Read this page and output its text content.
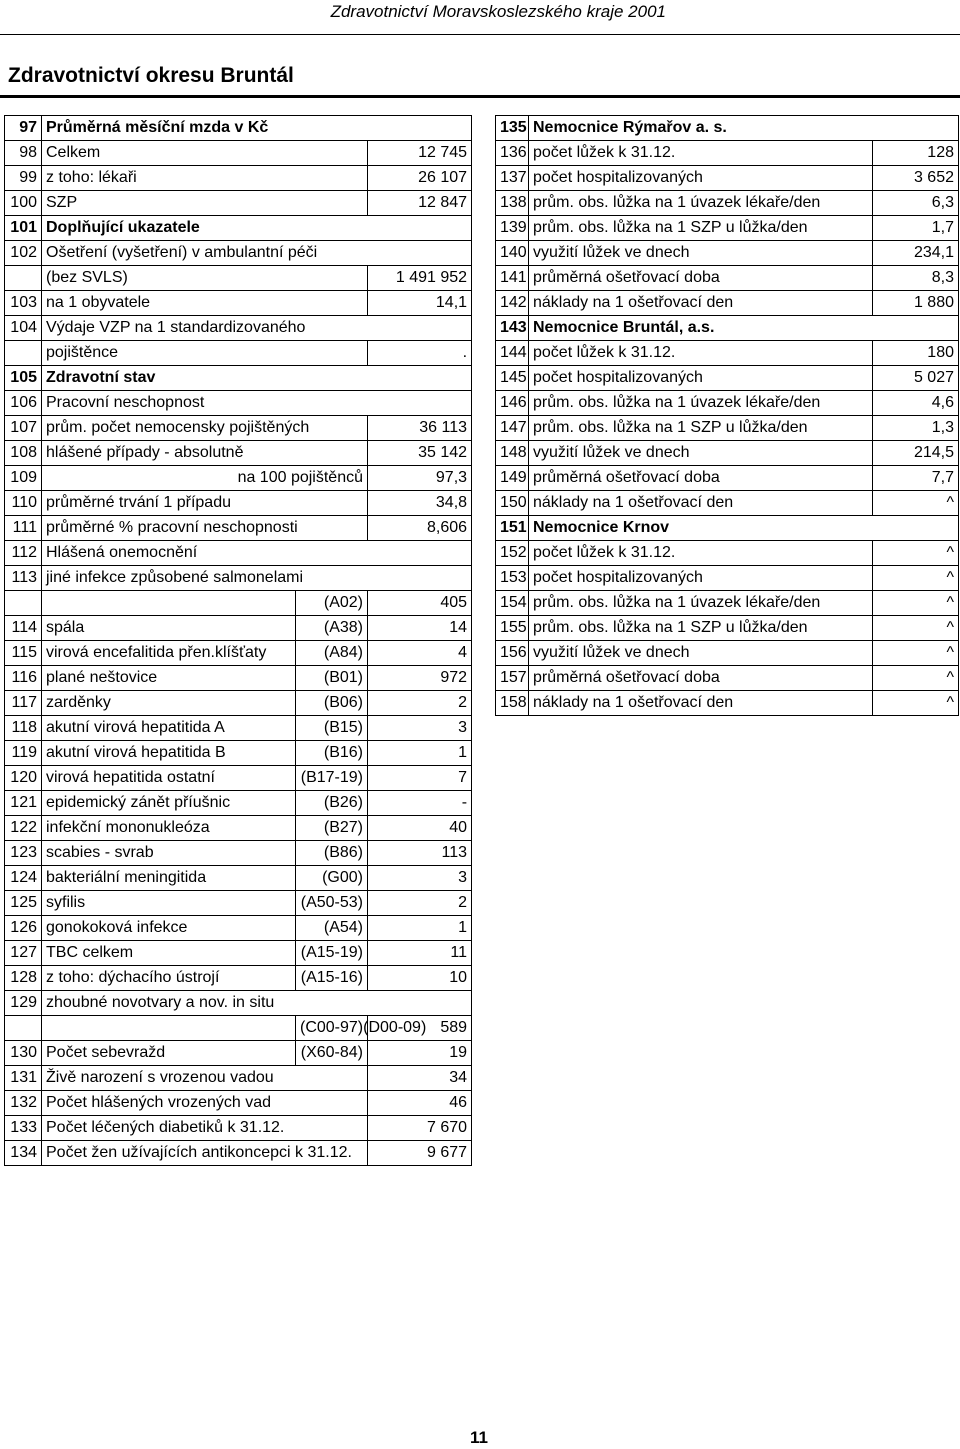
Zdravotnictví Moravskoslezského kraje 2001
Zdravotnictví okresu Bruntál
97	Průměrná měsíční mzda v Kč		
98	Celkem		12 745
99	z toho: lékaři		26 107
100	SZP		12 847
101	Doplňující ukazatele		
102	Ošetření (vyšetření) v ambulantní péči		
	(bez SVLS)		1 491 952
103	na 1 obyvatele		14,1
104	Výdaje VZP na 1 standardizovaného		
	pojištěnce		.
105	Zdravotní stav		
106	Pracovní neschopnost		
107	prům. počet nemocensky pojištěných		36 113
108	hlášené případy - absolutně		35 142
109	na 100 pojištěnců		97,3
110	průměrné trvání 1 případu		34,8
111	průměrné % pracovní neschopnosti		8,606
112	Hlášená onemocnění		
113	jiné infekce způsobené salmonelami		
		(A02)	405
114	spála	(A38)	14
115	virová encefalitida přen.klíšťaty	(A84)	4
116	plané neštovice	(B01)	972
117	zarděnky	(B06)	2
118	akutní virová hepatitida A	(B15)	3
119	akutní virová hepatitida B	(B16)	1
120	virová hepatitida ostatní	(B17-19)	7
121	epidemický zánět příušnic	(B26)	-
122	infekční mononukleóza	(B27)	40
123	scabies - svrab	(B86)	113
124	bakteriální meningitida	(G00)	3
125	syfilis	(A50-53)	2
126	gonokoková infekce	(A54)	1
127	TBC celkem	(A15-19)	11
128	z toho: dýchacího ústrojí	(A15-16)	10
129	zhoubné novotvary a nov. in situ		
		(C00-97)(D00-09)	589
130	Počet sebevražd	(X60-84)	19
131	Živě narození s vrozenou vadou		34
132	Počet hlášených vrozených vad		46
133	Počet léčených diabetiků k 31.12.		7 670
134	Počet žen užívajících antikoncepci k 31.12.		9 677
135	Nemocnice Rýmařov a. s.	
136	počet lůžek k 31.12.	128
137	počet hospitalizovaných	3 652
138	prům. obs. lůžka na 1 úvazek lékaře/den	6,3
139	prům. obs. lůžka na 1 SZP u lůžka/den	1,7
140	využití lůžek ve dnech	234,1
141	průměrná ošetřovací doba	8,3
142	náklady na 1 ošetřovací den	1 880
143	Nemocnice Bruntál, a.s.	
144	počet lůžek k 31.12.	180
145	počet hospitalizovaných	5 027
146	prům. obs. lůžka na 1 úvazek lékaře/den	4,6
147	prům. obs. lůžka na 1 SZP u lůžka/den	1,3
148	využití lůžek ve dnech	214,5
149	průměrná ošetřovací doba	7,7
150	náklady na 1 ošetřovací den	^
151	Nemocnice Krnov	
152	počet lůžek k 31.12.	^
153	počet hospitalizovaných	^
154	prům. obs. lůžka na 1 úvazek lékaře/den	^
155	prům. obs. lůžka na 1 SZP u lůžka/den	^
156	využití lůžek ve dnech	^
157	průměrná ošetřovací doba	^
158	náklady na 1 ošetřovací den	^
11
